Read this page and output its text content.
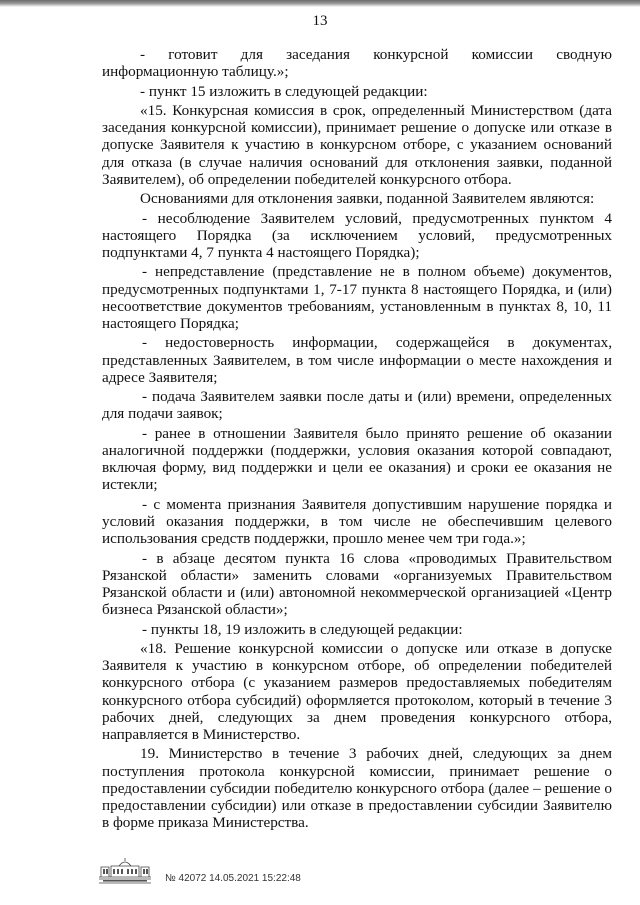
13

- готовит для заседания конкурсной комиссии сводную информационную таблицу.»;

- пункт 15 изложить в следующей редакции:

«15. Конкурсная комиссия в срок, определенный Министерством (дата заседания конкурсной комиссии), принимает решение о допуске или отказе в допуске Заявителя к участию в конкурсном отборе, с указанием оснований для отказа (в случае наличия оснований для отклонения заявки, поданной Заявителем), об определении победителей конкурсного отбора.

Основаниями для отклонения заявки, поданной Заявителем являются:

- несоблюдение Заявителем условий, предусмотренных пунктом 4 настоящего Порядка (за исключением условий, предусмотренных подпунктами 4, 7 пункта 4 настоящего Порядка);

- непредставление (представление не в полном объеме) документов, предусмотренных подпунктами 1, 7-17 пункта 8 настоящего Порядка, и (или) несоответствие документов требованиям, установленным в пунктах 8, 10, 11 настоящего Порядка;

- недостоверность информации, содержащейся в документах, представленных Заявителем, в том числе информации о месте нахождения и адресе Заявителя;

- подача Заявителем заявки после даты и (или) времени, определенных для подачи заявок;

- ранее в отношении Заявителя было принято решение об оказании аналогичной поддержки (поддержки, условия оказания которой совпадают, включая форму, вид поддержки и цели ее оказания) и сроки ее оказания не истекли;

- с момента признания Заявителя допустившим нарушение порядка и условий оказания поддержки, в том числе не обеспечившим целевого использования средств поддержки, прошло менее чем три года.»;

- в абзаце десятом пункта 16 слова «проводимых Правительством Рязанской области» заменить словами «организуемых Правительством Рязанской области и (или) автономной некоммерческой организацией «Центр бизнеса Рязанской области»;

- пункты 18, 19 изложить в следующей редакции:

«18. Решение конкурсной комиссии о допуске или отказе в допуске Заявителя к участию в конкурсном отборе, об определении победителей конкурсного отбора (с указанием размеров предоставляемых победителям конкурсного отбора субсидий) оформляется протоколом, который в течение 3 рабочих дней, следующих за днем проведения конкурсного отбора, направляется в Министерство.

19. Министерство в течение 3 рабочих дней, следующих за днем поступления протокола конкурсной комиссии, принимает решение о предоставлении субсидии победителю конкурсного отбора (далее – решение о предоставлении субсидии) или отказе в предоставлении субсидии Заявителю в форме приказа Министерства.

№ 42072 14.05.2021 15:22:48
